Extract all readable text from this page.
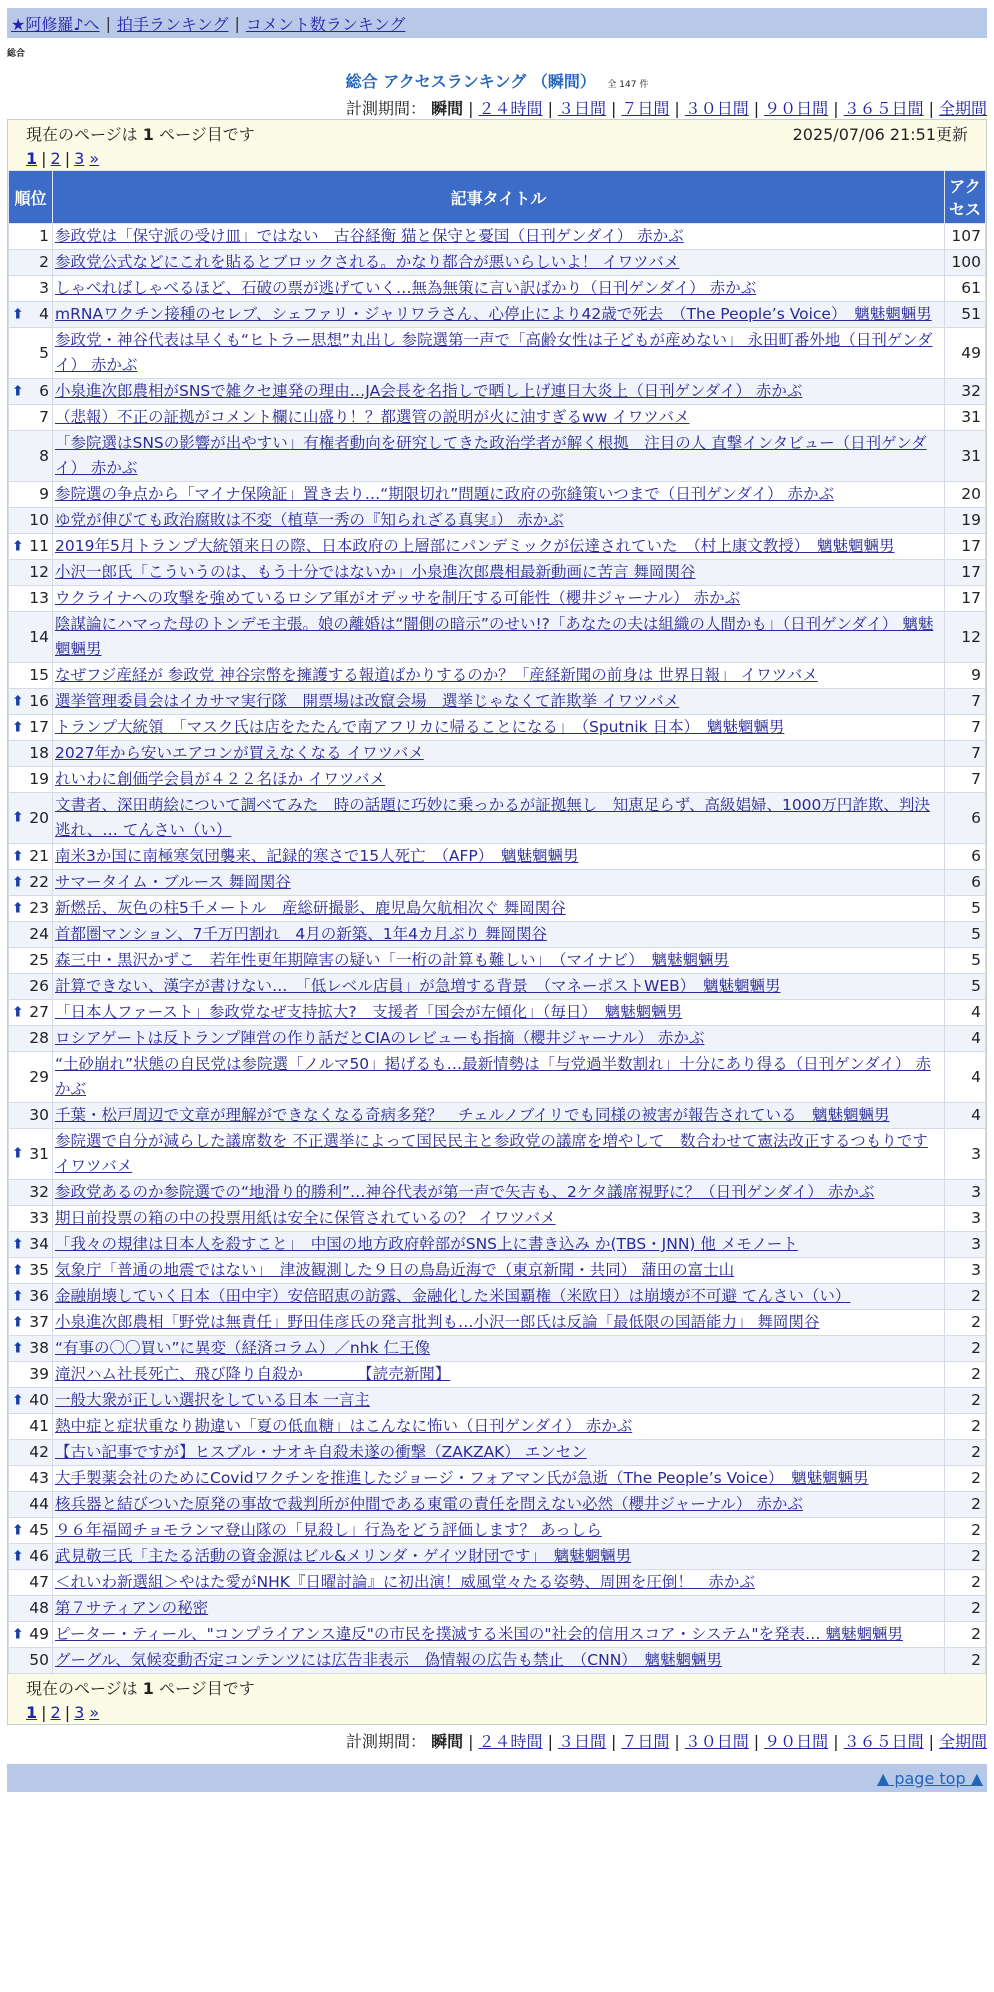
★阿修羅♪へ | 拍手ランキング | コメント数ランキング
総合
総合 アクセスランキング （瞬間） 全 147 件
計測期間： 瞬間 | ２４時間 | ３日間 | ７日間 | ３０日間 | ９０日間 | ３６５日間 | 全期間
現在のページは 1 ページ目です	2025/07/06 21:51更新
1 | 2 | 3 »
順位	記事タイトル	アクセス
1	参政党は「保守派の受け皿」ではない　古谷経衡 猫と保守と憂国（日刊ゲンダイ） 赤かぶ	107
2	参政党公式などにこれを貼るとブロックされる。かなり都合が悪いらしいよ！ イワツバメ	100
3	しゃべればしゃべるほど、石破の票が逃げていく…無為無策に言い訳ばかり（日刊ゲンダイ） 赤かぶ	61

⬆ 4	mRNAワクチン接種のセレブ、シェファリ・ジャリワラさん、心停止により42歳で死去　（The People’s Voice）　魑魅魍魎男	51
5	参政党・神谷代表は早くも“ヒトラー思想”丸出し 参院選第一声で「高齢女性は子どもが産めない」 永田町番外地（日刊ゲンダイ） 赤かぶ	49

⬆ 6	小泉進次郎農相がSNSで雑クセ連発の理由…JA会長を名指しで晒し上げ連日大炎上（日刊ゲンダイ） 赤かぶ	32
7	（悲報）不正の証拠がコメント欄に山盛り！？都選管の説明が火に油すぎるww イワツバメ	31
8	「参院選はSNSの影響が出やすい」有権者動向を研究してきた政治学者が解く根拠　注目の人 直撃インタビュー（日刊ゲンダイ） 赤かぶ	31
9	参院選の争点から「マイナ保険証」置き去り…“期限切れ”問題に政府の弥縫策いつまで（日刊ゲンダイ） 赤かぶ	20
10	ゆ党が伸びても政治腐敗は不変（植草一秀の『知られざる真実』） 赤かぶ	19

⬆ 11	2019年5月トランプ大統領来日の際、日本政府の上層部にパンデミックが伝達されていた　（村上康文教授）　魑魅魍魎男	17
12	小沢一郎氏「こういうのは、もう十分ではないか」小泉進次郎農相最新動画に苦言 舞岡関谷	17
13	ウクライナへの攻撃を強めているロシア軍がオデッサを制圧する可能性（櫻井ジャーナル） 赤かぶ	17
14	陰謀論にハマった母のトンデモ主張。娘の離婚は“闇側の暗示”のせい!?「あなたの夫は組織の人間かも」（日刊ゲンダイ） 魑魅魍魎男	12
15	なぜフジ産経が 参政党 神谷宗幣を擁護する報道ばかりするのか？「産経新聞の前身は 世界日報」 イワツバメ	9

⬆ 16	選挙管理委員会はイカサマ実行隊　開票場は改竄会場　選挙じゃなくて詐欺挙 イワツバメ	7

⬆ 17	トランプ大統領　「マスク氏は店をたたんで南アフリカに帰ることになる」　（Sputnik 日本）　魑魅魍魎男	7
18	2027年から安いエアコンが買えなくなる イワツバメ	7
19	れいわに創価学会員が４２２名ほか イワツバメ	7

⬆ 20	文書者、深田萌絵について調べてみた　時の話題に巧妙に乗っかるが証拠無し　知恵足らず、高級娼婦、1000万円詐欺、判決逃れ、… てんさい（い）	6

⬆ 21	南米3か国に南極寒気団襲来、記録的寒さで15人死亡　（AFP）　魑魅魍魎男	6

⬆ 22	サマータイム・ブルース 舞岡関谷	6

⬆ 23	新燃岳、灰色の柱5千メートル　産総研撮影、鹿児島欠航相次ぐ 舞岡関谷	5
24	首都圏マンション、7千万円割れ　4月の新築、1年4カ月ぶり 舞岡関谷	5
25	森三中・黒沢かずこ　若年性更年期障害の疑い「一桁の計算も難しい」　（マイナビ）　魑魅魍魎男	5
26	計算できない、漢字が書けない…　「低レベル店員」が急増する背景　（マネーポストWEB）　魑魅魍魎男	5

⬆ 27	「日本人ファースト」参政党なぜ支持拡大?　支援者「国会が左傾化」（毎日）　魑魅魍魎男	4
28	ロシアゲートは反トランプ陣営の作り話だとCIAのレビューも指摘（櫻井ジャーナル） 赤かぶ	4
29	“土砂崩れ”状態の自民党は参院選「ノルマ50」掲げるも…最新情勢は「与党過半数割れ」十分にあり得る（日刊ゲンダイ） 赤かぶ	4
30	千葉・松戸周辺で文章が理解ができなくなる奇病多発？　チェルノブイリでも同様の被害が報告されている　魑魅魍魎男	4

⬆ 31	参院選で自分が減らした議席数を 不正選挙によって国民民主と参政党の議席を増やして　数合わせて憲法改正するつもりです イワツバメ	3
32	参政党あるのか参院選での“地滑り的勝利”…神谷代表が第一声で矢吉も、2ケタ議席視野に？（日刊ゲンダイ） 赤かぶ	3
33	期日前投票の箱の中の投票用紙は安全に保管されているの？ イワツバメ	3

⬆ 34	「我々の規律は日本人を殺すこと」　中国の地方政府幹部がSNS上に書き込み か(TBS・JNN) 他 メモノート	3

⬆ 35	気象庁「普通の地震ではない」　津波観測した９日の鳥島近海で（東京新聞・共同） 蒲田の富士山	3

⬆ 36	金融崩壊していく日本（田中宇）安倍昭恵の訪露、金融化した米国覇権（米欧日）は崩壊が不可避 てんさい（い）	2

⬆ 37	小泉進次郎農相「野党は無責任」野田佳彦氏の発言批判も…小沢一郎氏は反論「最低限の国語能力」 舞岡関谷	2

⬆ 38	“有事の〇〇買い”に異変（経済コラム）／nhk 仁王像	2
39	滝沢ハム社長死亡、飛び降り自殺か　　　　【読売新聞】	2

⬆ 40	一般大衆が正しい選択をしている日本 一言主	2
41	熱中症と症状重なり勘違い「夏の低血糖」はこんなに怖い（日刊ゲンダイ） 赤かぶ	2
42	【古い記事ですが】ヒスブル・ナオキ自殺未遂の衝撃（ZAKZAK） エンセン	2
43	大手製薬会社のためにCovidワクチンを推進したジョージ・フォアマン氏が急逝（The People’s Voice）　魑魅魍魎男	2
44	核兵器と結びついた原発の事故で裁判所が仲間である東電の責任を問えない必然（櫻井ジャーナル） 赤かぶ	2

⬆ 45	９６年福岡チョモランマ登山隊の「見殺し」行為をどう評価します？ あっしら	2

⬆ 46	武見敬三氏「主たる活動の資金源はビル&メリンダ・ゲイツ財団です」　魑魅魍魎男	2
47	＜れいわ新選組＞やはた愛がNHK『日曜討論』に初出演！威風堂々たる姿勢、周囲を圧倒！　赤かぶ	2
48	第７サティアンの秘密	2

⬆ 49	ピーター・ティール、"コンプライアンス違反"の市民を撲滅する米国の"社会的信用スコア・システム"を発表… 魑魅魍魎男	2
50	グーグル、気候変動否定コンテンツには広告非表示　偽情報の広告も禁止　（CNN）　魑魅魍魎男	2
現在のページは 1 ページ目です
1 | 2 | 3 »
計測期間： 瞬間 | ２４時間 | ３日間 | ７日間 | ３０日間 | ９０日間 | ３６５日間 | 全期間
▲ page top ▲
